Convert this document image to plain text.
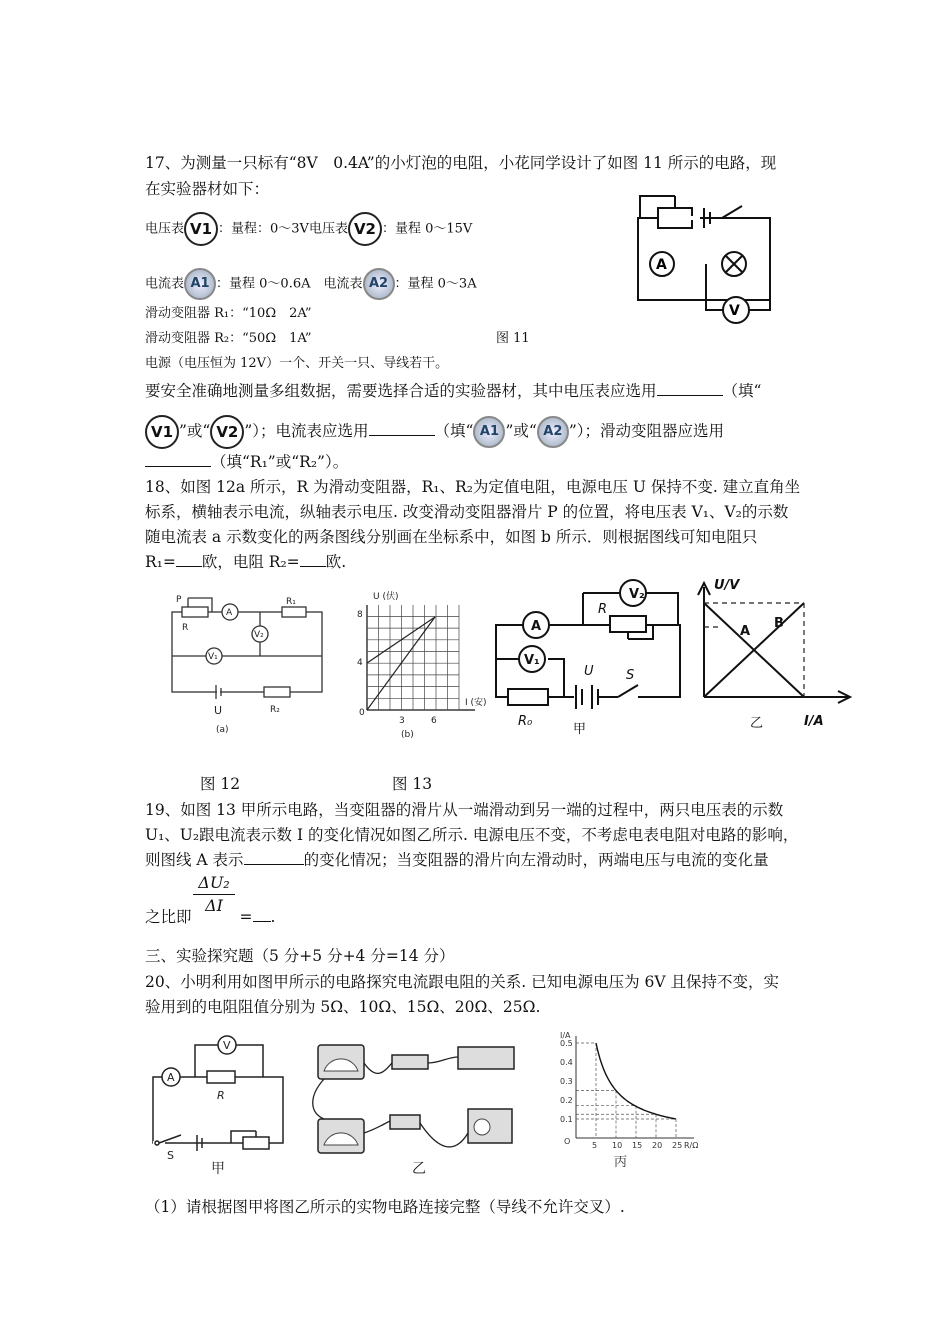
17、为测量一只标有“8V　0.4A”的小灯泡的电阻，小花同学设计了如图 11 所示的电路，现
在实验器材如下：
电压表 V1 ：量程：0～3V电压表 V2 ：量程 0～15V
电流表 A1 ：量程 0～0.6A　 电流表 A2 ：量程 0～3A
滑动变阻器 R₁：“10Ω　2A”
滑动变阻器 R₂：“50Ω　1A”	图 11
电源（电压恒为 12V）一个、开关一只、导线若干。
A
V
要安全准确地测量多组数据，需要选择合适的实验器材，其中电压表应选用	（填“
V1 ”或“ V2 ”）；电流表应选用	（填“ A1 ”或“ A2 ”）；滑动变阻器应选用
（填“R₁”或“R₂”）。
18、如图 12a 所示，R 为滑动变阻器，R₁、R₂为定值电阻，电源电压 U 保持不变. 建立直角坐
标系，横轴表示电流，纵轴表示电压. 改变滑动变阻器滑片 P 的位置，将电压表 V₁、V₂的示数
随电流表 a 示数变化的两条图线分别画在坐标系中，如图 b 所示．则根据图线可知电阻只
R₁= 欧，电阻 R₂= 欧.
P
R
A
R₁
V₂
V₁
U	R₂
(a)
U (伏)
I (安)
8
4
0
3	6
(b)
V₂
R
A
V₁
R₀
U S
甲
U/V
I/A
A
B
乙
图 12	图 13
19、如图 13 甲所示电路，当变阻器的滑片从一端滑动到另一端的过程中，两只电压表的示数
U₁、U₂跟电流表示数 I 的变化情况如图乙所示. 电源电压不变，不考虑电表电阻对电路的影响，
则图线 A 表示	的变化情况；当变阻器的滑片向左滑动时，两端电压与电流的变化量
$\frac{\text{ΔU₂}}{\Delta I}$
之比即	= .
三、实验探究题（5 分+5 分+4 分=14 分）
20、小明利用如图甲所示的电路探究电流跟电阻的关系. 已知电源电压为 6V 且保持不变，实
验用到的电阻阻值分别为 5Ω、10Ω、15Ω、20Ω、25Ω.
A
V
R
S
甲	乙
0.5
0.4
0.3
0.2
0.1
5 10 15 20 25
I/A
R/Ω
O
丙
（1）请根据图甲将图乙所示的实物电路连接完整（导线不允许交叉）.
